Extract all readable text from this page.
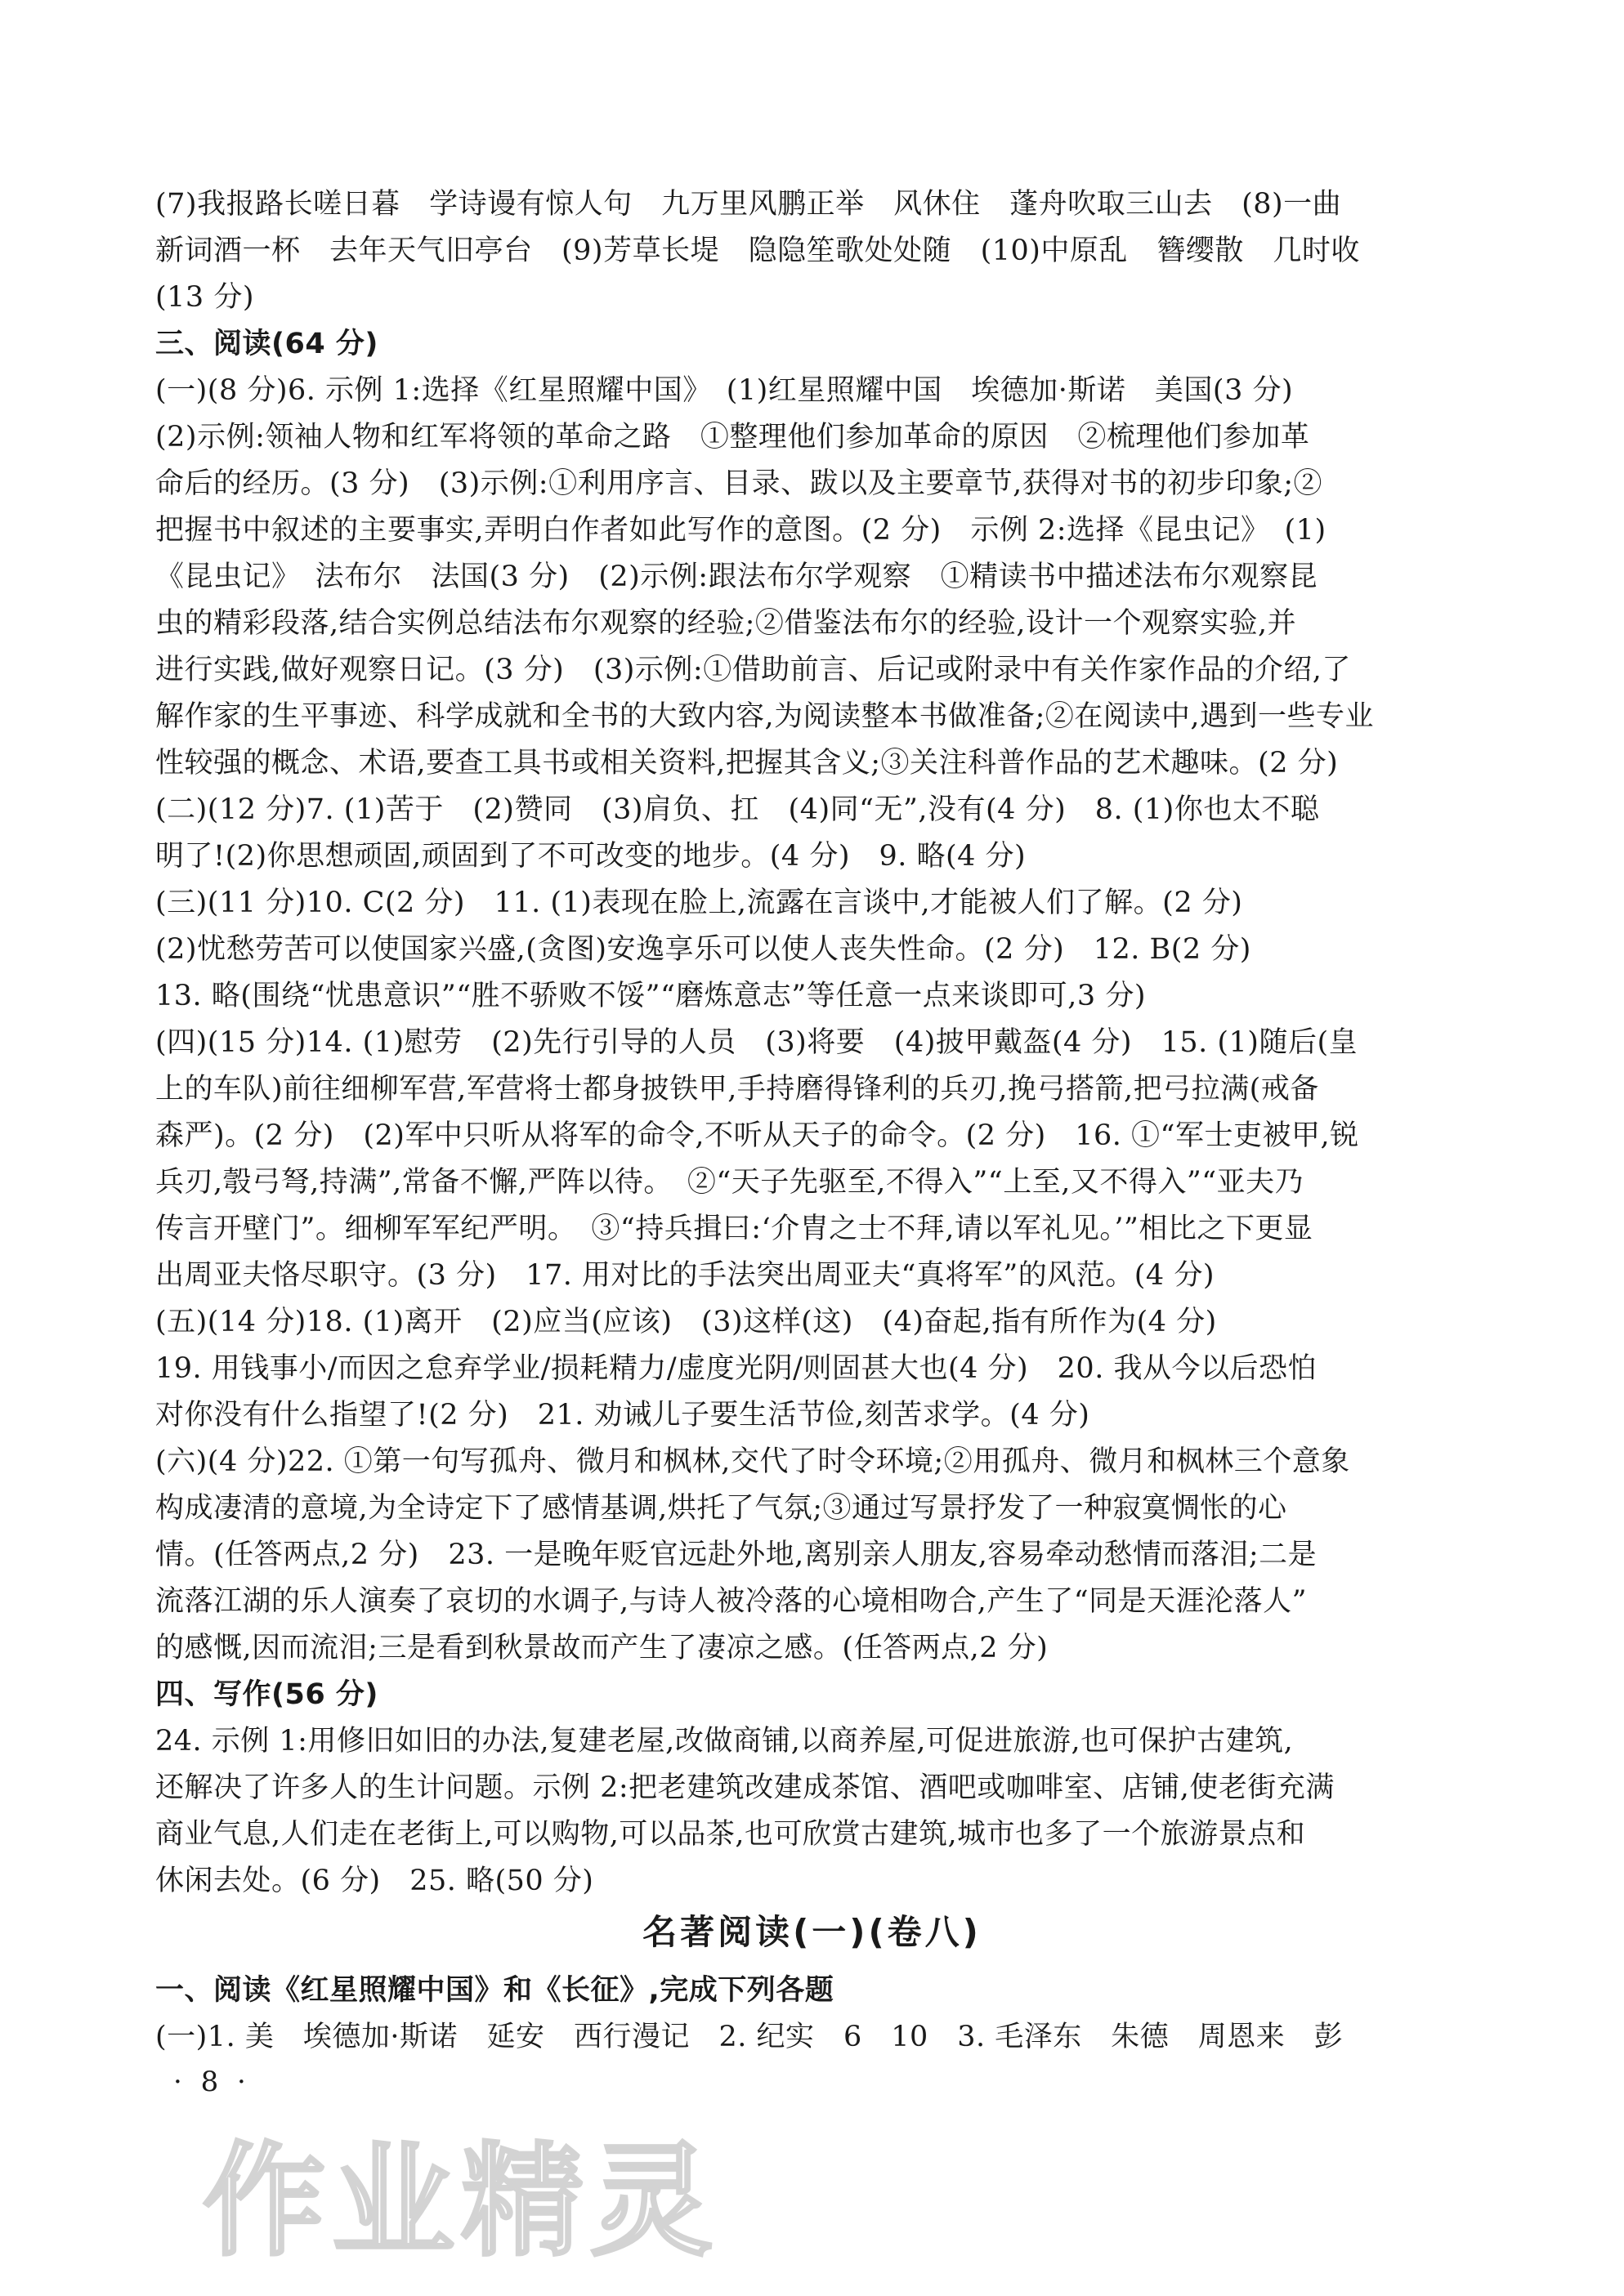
(7)我报路长嗟日暮　学诗谩有惊人句　九万里风鹏正举　风休住　蓬舟吹取三山去　(8)一曲
新词酒一杯　去年天气旧亭台　(9)芳草长堤　隐隐笙歌处处随　(10)中原乱　簪缨散　几时收
(13 分)
三、阅读(64 分)
(一)(8 分)6. 示例 1:选择《红星照耀中国》　(1)红星照耀中国　埃德加·斯诺　美国(3 分)
(2)示例:领袖人物和红军将领的革命之路　①整理他们参加革命的原因　②梳理他们参加革
命后的经历。(3 分)　(3)示例:①利用序言、目录、跋以及主要章节,获得对书的初步印象;②
把握书中叙述的主要事实,弄明白作者如此写作的意图。(2 分)　示例 2:选择《昆虫记》　(1)
《昆虫记》　法布尔　法国(3 分)　(2)示例:跟法布尔学观察　①精读书中描述法布尔观察昆
虫的精彩段落,结合实例总结法布尔观察的经验;②借鉴法布尔的经验,设计一个观察实验,并
进行实践,做好观察日记。(3 分)　(3)示例:①借助前言、后记或附录中有关作家作品的介绍,了
解作家的生平事迹、科学成就和全书的大致内容,为阅读整本书做准备;②在阅读中,遇到一些专业
性较强的概念、术语,要查工具书或相关资料,把握其含义;③关注科普作品的艺术趣味。(2 分)
(二)(12 分)7. (1)苦于　(2)赞同　(3)肩负、扛　(4)同“无”,没有(4 分)　8. (1)你也太不聪
明了!(2)你思想顽固,顽固到了不可改变的地步。(4 分)　9. 略(4 分)
(三)(11 分)10. C(2 分)　11. (1)表现在脸上,流露在言谈中,才能被人们了解。(2 分)
(2)忧愁劳苦可以使国家兴盛,(贪图)安逸享乐可以使人丧失性命。(2 分)　12. B(2 分)
13. 略(围绕“忧患意识”“胜不骄败不馁”“磨炼意志”等任意一点来谈即可,3 分)
(四)(15 分)14. (1)慰劳　(2)先行引导的人员　(3)将要　(4)披甲戴盔(4 分)　15. (1)随后(皇
上的车队)前往细柳军营,军营将士都身披铁甲,手持磨得锋利的兵刃,挽弓搭箭,把弓拉满(戒备
森严)。(2 分)　(2)军中只听从将军的命令,不听从天子的命令。(2 分)　16. ①“军士吏被甲,锐
兵刃,彀弓弩,持满”,常备不懈,严阵以待。　②“天子先驱至,不得入”“上至,又不得入”“亚夫乃
传言开壁门”。细柳军军纪严明。　③“持兵揖曰:‘介胄之士不拜,请以军礼见。’”相比之下更显
出周亚夫恪尽职守。(3 分)　17. 用对比的手法突出周亚夫“真将军”的风范。(4 分)
(五)(14 分)18. (1)离开　(2)应当(应该)　(3)这样(这)　(4)奋起,指有所作为(4 分)
19. 用钱事小/而因之怠弃学业/损耗精力/虚度光阴/则固甚大也(4 分)　20. 我从今以后恐怕
对你没有什么指望了!(2 分)　21. 劝诫儿子要生活节俭,刻苦求学。(4 分)
(六)(4 分)22. ①第一句写孤舟、微月和枫林,交代了时令环境;②用孤舟、微月和枫林三个意象
构成凄清的意境,为全诗定下了感情基调,烘托了气氛;③通过写景抒发了一种寂寞惆怅的心
情。(任答两点,2 分)　23. 一是晚年贬官远赴外地,离别亲人朋友,容易牵动愁情而落泪;二是
流落江湖的乐人演奏了哀切的水调子,与诗人被冷落的心境相吻合,产生了“同是天涯沦落人”
的感慨,因而流泪;三是看到秋景故而产生了凄凉之感。(任答两点,2 分)
四、写作(56 分)
24. 示例 1:用修旧如旧的办法,复建老屋,改做商铺,以商养屋,可促进旅游,也可保护古建筑,
还解决了许多人的生计问题。示例 2:把老建筑改建成茶馆、酒吧或咖啡室、店铺,使老街充满
商业气息,人们走在老街上,可以购物,可以品茶,也可欣赏古建筑,城市也多了一个旅游景点和
休闲去处。(6 分)　25. 略(50 分)
名著阅读(一)(卷八)
一、阅读《红星照耀中国》和《长征》,完成下列各题
(一)1. 美　埃德加·斯诺　延安　西行漫记　2. 纪实　6　10　3. 毛泽东　朱德　周恩来　彭
· 8 ·
作业精灵
